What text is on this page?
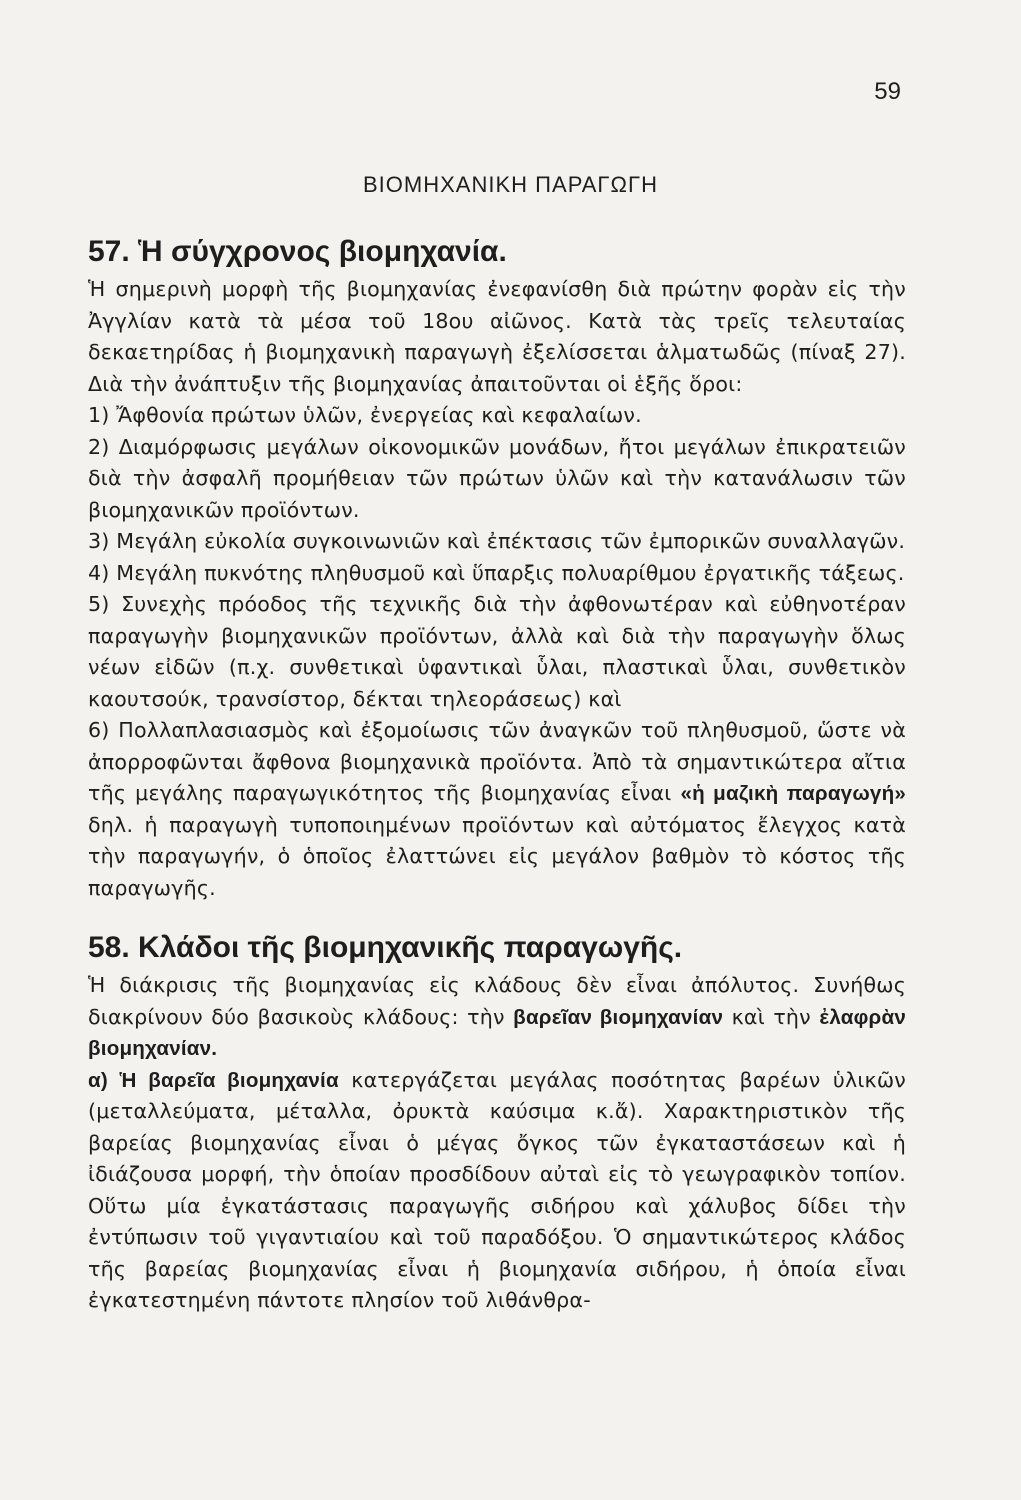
59
ΒΙΟΜΗΧΑΝΙΚΗ ΠΑΡΑΓΩΓΗ
57. Ἡ σύγχρονος βιομηχανία.

Ἡ σημερινὴ μορφὴ τῆς βιομηχανίας ἐνεφανίσθη διὰ πρώτην φορὰν εἰς τὴν Ἀγγλίαν κατὰ τὰ μέσα τοῦ 18ου αἰῶνος. Κατὰ τὰς τρεῖς τελευταίας δεκαετηρίδας ἡ βιομηχανικὴ παραγωγὴ ἐξελίσσεται ἁλματωδῶς (πίναξ 27). Διὰ τὴν ἀνάπτυξιν τῆς βιομηχανίας ἀπαιτοῦνται οἱ ἑξῆς ὅροι:

1) Ἄφθονία πρώτων ὑλῶν, ἐνεργείας καὶ κεφαλαίων.

2) Διαμόρφωσις μεγάλων οἰκονομικῶν μονάδων, ἤτοι μεγάλων ἐπικρατειῶν διὰ τὴν ἀσφαλῆ προμήθειαν τῶν πρώτων ὑλῶν καὶ τὴν κατανάλωσιν τῶν βιομηχανικῶν προϊόντων.

3) Μεγάλη εὐκολία συγκοινωνιῶν καὶ ἐπέκτασις τῶν ἐμπορικῶν συναλλαγῶν.

4) Μεγάλη πυκνότης πληθυσμοῦ καὶ ὕπαρξις πολυαρίθμου ἐργατικῆς τάξεως.

5) Συνεχὴς πρόοδος τῆς τεχνικῆς διὰ τὴν ἀφθονωτέραν καὶ εὐθηνοτέραν παραγωγὴν βιομηχανικῶν προϊόντων, ἀλλὰ καὶ διὰ τὴν παραγωγὴν ὅλως νέων εἰδῶν (π.χ. συνθετικαὶ ὑφαντικαὶ ὗλαι, πλαστικαὶ ὗλαι, συνθετικὸν καουτσούκ, τρανσίστορ, δέκται τηλεοράσεως) καὶ

6) Πολλαπλασιασμὸς καὶ ἐξομοίωσις τῶν ἀναγκῶν τοῦ πληθυσμοῦ, ὥστε νὰ ἀπορροφῶνται ἄφθονα βιομηχανικὰ προϊόντα. Ἀπὸ τὰ σημαντικώτερα αἴτια τῆς μεγάλης παραγωγικότητος τῆς βιομηχανίας εἶναι «ἡ μαζικὴ παραγωγή» δηλ. ἡ παραγωγὴ τυποποιημένων προϊόντων καὶ αὐτόματος ἔλεγχος κατὰ τὴν παραγωγήν, ὁ ὁποῖος ἐλαττώνει εἰς μεγάλον βαθμὸν τὸ κόστος τῆς παραγωγῆς.

58. Κλάδοι τῆς βιομηχανικῆς παραγωγῆς.

Ἡ διάκρισις τῆς βιομηχανίας εἰς κλάδους δὲν εἶναι ἀπόλυτος. Συνήθως διακρίνουν δύο βασικοὺς κλάδους: τὴν βαρεῖαν βιομηχανίαν καὶ τὴν ἐλαφρὰν βιομηχανίαν.

α) Ἡ βαρεῖα βιομηχανία κατεργάζεται μεγάλας ποσότητας βαρέων ὑλικῶν (μεταλλεύματα, μέταλλα, ὀρυκτὰ καύσιμα κ.ἄ). Χαρακτηριστικὸν τῆς βαρείας βιομηχανίας εἶναι ὁ μέγας ὄγκος τῶν ἐγκαταστάσεων καὶ ἡ ἰδιάζουσα μορφή, τὴν ὁποίαν προσδίδουν αὐταὶ εἰς τὸ γεωγραφικὸν τοπίον. Οὕτω μία ἐγκατάστασις παραγωγῆς σιδήρου καὶ χάλυβος δίδει τὴν ἐντύπωσιν τοῦ γιγαντιαίου καὶ τοῦ παραδόξου. Ὁ σημαντικώτερος κλάδος τῆς βαρείας βιομηχανίας εἶναι ἡ βιομηχανία σιδήρου, ἡ ὁποία εἶναι ἐγκατεστημένη πάντοτε πλησίον τοῦ λιθάνθρα-
